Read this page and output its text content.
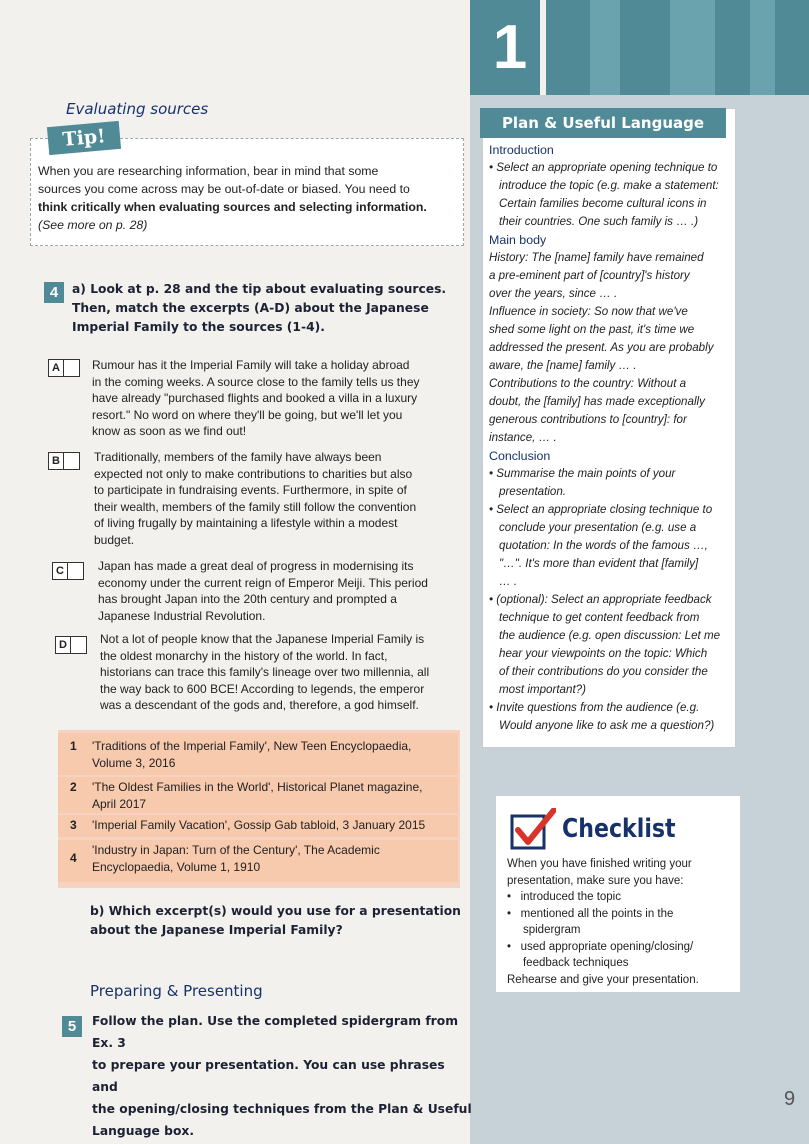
1
Evaluating sources
Tip!
When you are researching information, bear in mind that some
sources you come across may be out-of-date or biased. You need to
think critically when evaluating sources and selecting information.
(See more on p. 28)
4	a) Look at p. 28 and the tip about evaluating sources.
Then, match the excerpts (A-D) about the Japanese
Imperial Family to the sources (1-4).
A	Rumour has it the Imperial Family will take a holiday abroad
in the coming weeks. A source close to the family tells us they
have already "purchased flights and booked a villa in a luxury
resort." No word on where they'll be going, but we'll let you
know as soon as we find out!
B	Traditionally, members of the family have always been
expected not only to make contributions to charities but also
to participate in fundraising events. Furthermore, in spite of
their wealth, members of the family still follow the convention
of living frugally by maintaining a lifestyle within a modest
budget.
C	Japan has made a great deal of progress in modernising its
economy under the current reign of Emperor Meiji. This period
has brought Japan into the 20th century and prompted a
Japanese Industrial Revolution.
D	Not a lot of people know that the Japanese Imperial Family is
the oldest monarchy in the history of the world. In fact,
historians can trace this family's lineage over two millennia, all
the way back to 600 BCE! According to legends, the emperor
was a descendant of the gods and, therefore, a god himself.
1 'Traditions of the Imperial Family', New Teen Encyclopaedia,
Volume 3, 2016
2 'The Oldest Families in the World', Historical Planet magazine,
April 2017
3 'Imperial Family Vacation', Gossip Gab tabloid, 3 January 2015
4
'Industry in Japan: Turn of the Century', The Academic
Encyclopaedia, Volume 1, 1910
b) Which excerpt(s) would you use for a presentation
about the Japanese Imperial Family?
Preparing & Presenting
5	Follow the plan. Use the completed spidergram from Ex. 3
to prepare your presentation. You can use phrases and
the opening/closing techniques from the Plan & Useful
Language box.
Plan & Useful Language
Introduction
• Select an appropriate opening technique to
introduce the topic (e.g. make a statement:
Certain families become cultural icons in
their countries. One such family is … .)
Main body
History: The [name] family have remained
a pre-eminent part of [country]'s history
over the years, since … .
Influence in society: So now that we've
shed some light on the past, it's time we
addressed the present. As you are probably
aware, the [name] family … .
Contributions to the country: Without a
doubt, the [family] has made exceptionally
generous contributions to [country]: for
instance, … .
Conclusion
• Summarise the main points of your
presentation.
• Select an appropriate closing technique to
conclude your presentation (e.g. use a
quotation: In the words of the famous …,
"…". It's more than evident that [family]
… .
• (optional): Select an appropriate feedback
technique to get content feedback from
the audience (e.g. open discussion: Let me
hear your viewpoints on the topic: Which
of their contributions do you consider the
most important?)
• Invite questions from the audience (e.g.
Would anyone like to ask me a question?)
Checklist
When you have finished writing your
presentation, make sure you have:
•   introduced the topic
•   mentioned all the points in the
spidergram
•   used appropriate opening/closing/
feedback techniques
Rehearse and give your presentation.
9
